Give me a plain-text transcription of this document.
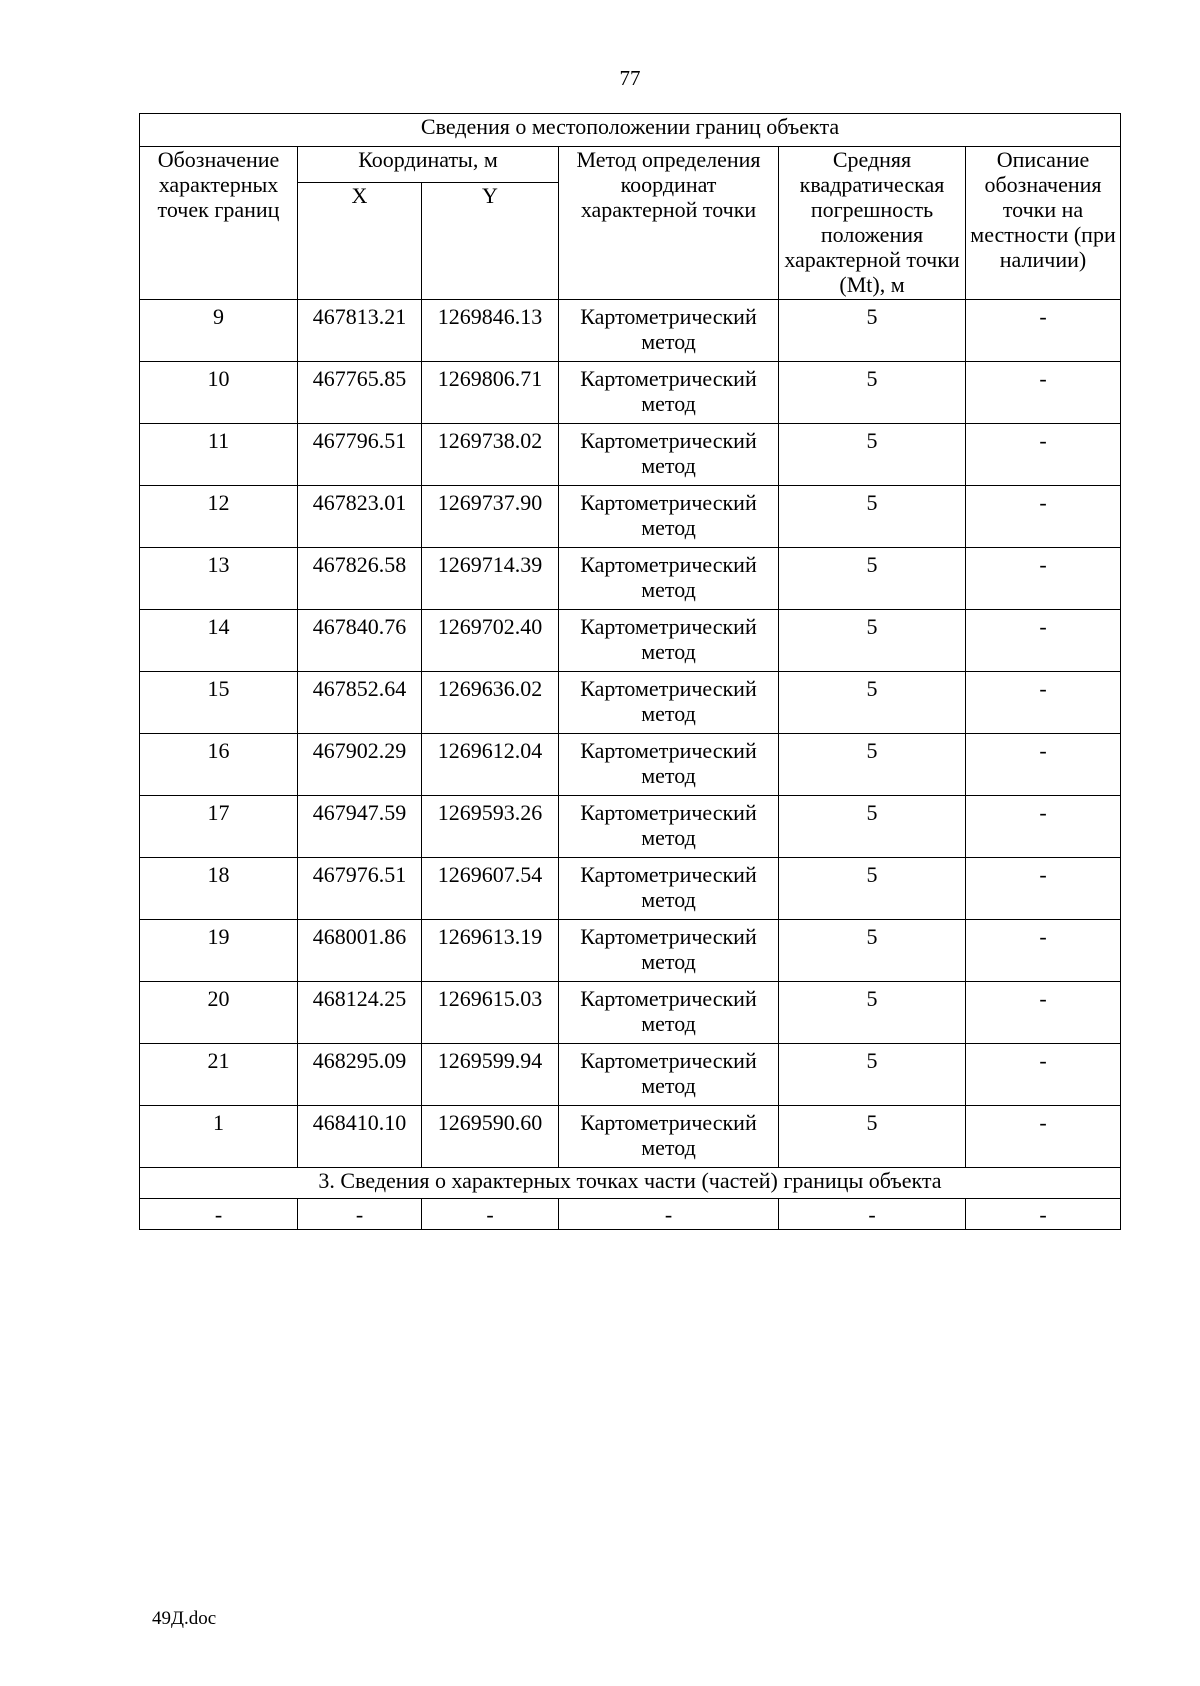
77
Сведения о местоположении границ объекта					
Обозначение характерных точек границ	Координаты, м		Метод определения координат характерной точки	Средняя квадратическая погрешность положения характерной точки (Mt), м	Описание обозначения точки на местности (при наличии)
	X	Y			
9	467813.21	1269846.13	Картометрический метод	5	-
10	467765.85	1269806.71	Картометрический метод	5	-
11	467796.51	1269738.02	Картометрический метод	5	-
12	467823.01	1269737.90	Картометрический метод	5	-
13	467826.58	1269714.39	Картометрический метод	5	-
14	467840.76	1269702.40	Картометрический метод	5	-
15	467852.64	1269636.02	Картометрический метод	5	-
16	467902.29	1269612.04	Картометрический метод	5	-
17	467947.59	1269593.26	Картометрический метод	5	-
18	467976.51	1269607.54	Картометрический метод	5	-
19	468001.86	1269613.19	Картометрический метод	5	-
20	468124.25	1269615.03	Картометрический метод	5	-
21	468295.09	1269599.94	Картометрический метод	5	-
1	468410.10	1269590.60	Картометрический метод	5	-
3. Сведения о характерных точках части (частей) границы объекта					
-	-	-	-	-	-
49Д.doc
